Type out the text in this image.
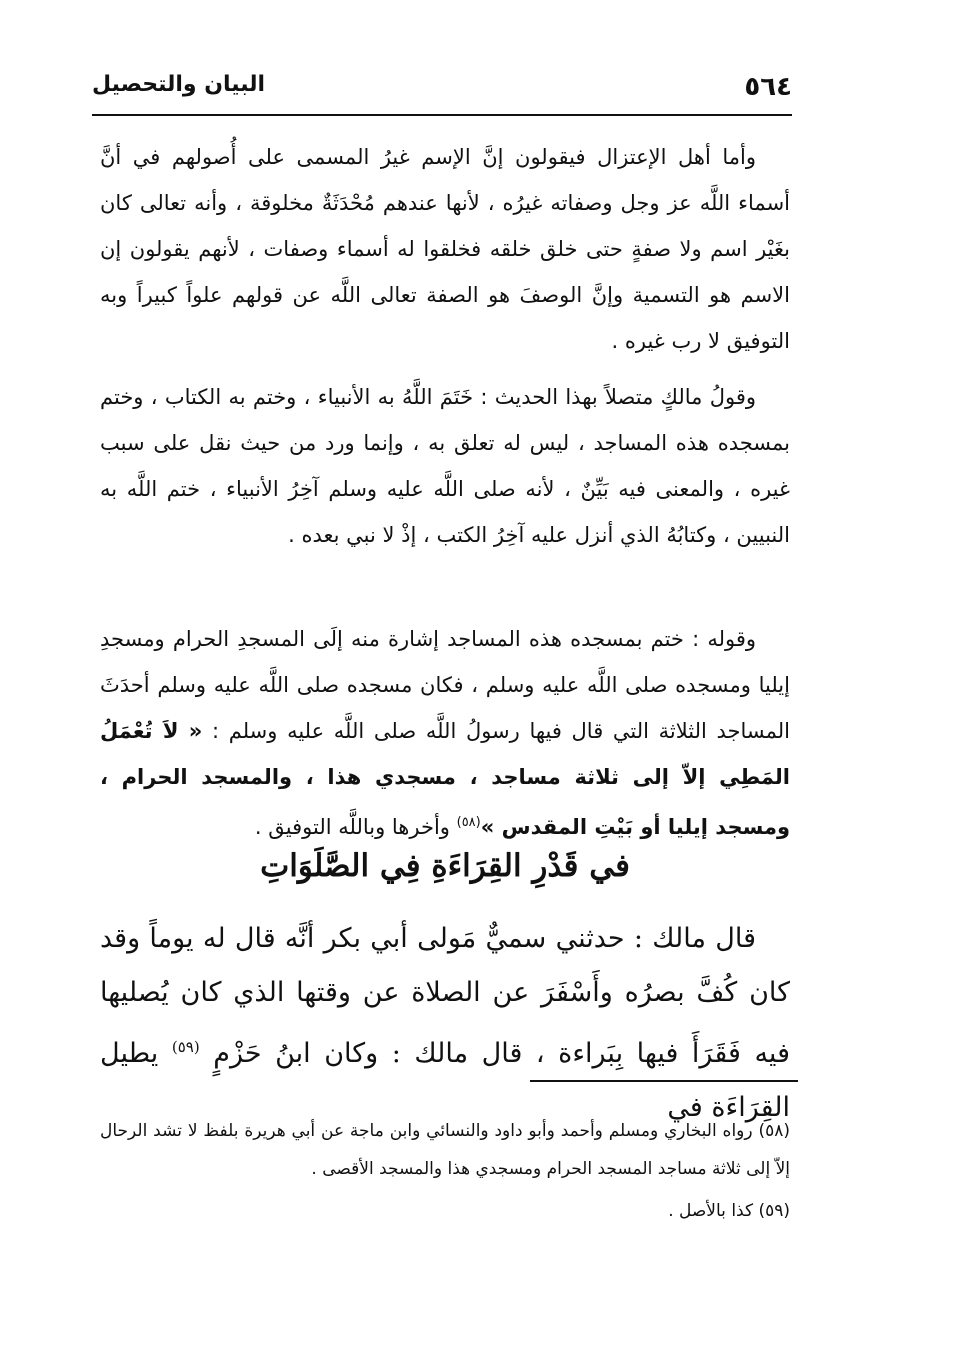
٥٦٤
البيان والتحصيل

وأما أهل الإعتزال فيقولون إنَّ الإسم غيرُ المسمى على أُصولهم في أنَّ أسماء اللَّه عز وجل وصفاته غيرُه ، لأنها عندهم مُحْدَثَةٌ مخلوقة ، وأنه تعالى كان بغَيْر اسم ولا صفةٍ حتى خلق خلقه فخلقوا له أسماء وصفات ، لأنهم يقولون إن الاسم هو التسمية وإنَّ الوصفَ هو الصفة تعالى اللَّه عن قولهم علواً كبيراً وبه التوفيق لا رب غيره .

وقولُ مالكٍ متصلاً بهذا الحديث : خَتَمَ اللَّهُ به الأنبياء ، وختم به الكتاب ، وختم بمسجده هذه المساجد ، ليس له تعلق به ، وإنما ورد من حيث نقل على سبب غيره ، والمعنى فيه بَيِّنٌ ، لأنه صلى اللَّه عليه وسلم آخِرُ الأنبياء ، ختم اللَّه به النبيين ، وكتابُهُ الذي أنزل عليه آخِرُ الكتب ، إذْ لا نبي بعده .

وقوله : ختم بمسجده هذه المساجد إشارة منه إلَى المسجدِ الحرام ومسجدِ إيليا ومسجده صلى اللَّه عليه وسلم ، فكان مسجده صلى اللَّه عليه وسلم أحدَثَ المساجد الثلاثة التي قال فيها رسولُ اللَّه صلى اللَّه عليه وسلم : « لاَ تُعْمَلُ المَطِي إلاّ إلى ثلاثة مساجد ، مسجدي هذا ، والمسجد الحرام ، ومسجد إيليا أو بَيْتِ المقدس »$^{(٥٨)}$ وأخرها وباللَّه التوفيق .

في قَدْرِ القِرَاءَةِ فِي الصَّلَوَاتِ

قال مالك : حدثني سميٌّ مَولى أبي بكر أنَّه قال له يوماً وقد كان كُفَّ بصرُه وأَسْفَرَ عن الصلاة عن وقتها الذي كان يُصليها فيه فَقَرَأَ فيها بِبَراءة ، قال مالك : وكان ابنُ حَزْمٍ $^{(٥٩)}$ يطيل القِرَاءَة في

(٥٨) رواه البخاري ومسلم وأحمد وأبو داود والنسائي وابن ماجة عن أبي هريرة بلفظ لا تشد الرحال إلاّ إلى ثلاثة مساجد المسجد الحرام ومسجدي هذا والمسجد الأقصى .

(٥٩) كذا بالأصل .
